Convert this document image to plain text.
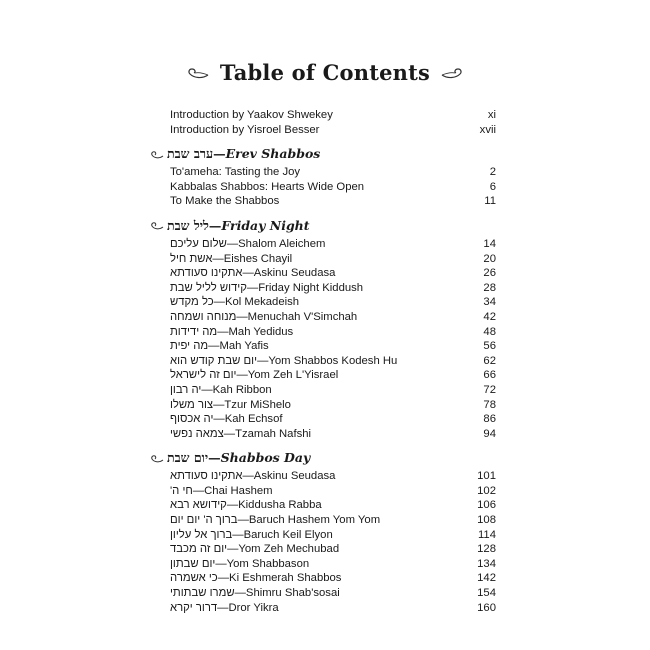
Table of Contents
Introduction by Yaakov Shwekey	xi
Introduction by Yisroel Besser	xvii
ערב שבת—Erev Shabbos
To'ameha: Tasting the Joy	2
Kabbalas Shabbos: Hearts Wide Open	6
To Make the Shabbos	11
ליל שבת—Friday Night
שלום עליכם—Shalom Aleichem	14
אשת חיל—Eishes Chayil	20
אתקינו סעודתא—Askinu Seudasa	26
קידוש לליל שבת—Friday Night Kiddush	28
כל מקדש—Kol Mekadeish	34
מנוחה ושמחה—Menuchah V'Simchah	42
מה ידידות—Mah Yedidus	48
מה יפית—Mah Yafis	56
יום שבת קודש הוא—Yom Shabbos Kodesh Hu	62
יום זה לישראל—Yom Zeh L'Yisrael	66
יה רבון—Kah Ribbon	72
צור משלו—Tzur MiShelo	78
יה אכסוף—Kah Echsof	86
צמאה נפשי—Tzamah Nafshi	94
יום שבת—Shabbos Day
אתקינו סעודתא—Askinu Seudasa	101
חי ה'—Chai Hashem	102
קידושא רבא—Kiddusha Rabba	106
ברוך ה' יום יום—Baruch Hashem Yom Yom	108
ברוך אל עליון—Baruch Keil Elyon	114
יום זה מכבד—Yom Zeh Mechubad	128
יום שבתון—Yom Shabbason	134
כי אשמרה—Ki Eshmerah Shabbos	142
שמרו שבתותי—Shimru Shab'sosai	154
דרור יקרא—Dror Yikra	160
